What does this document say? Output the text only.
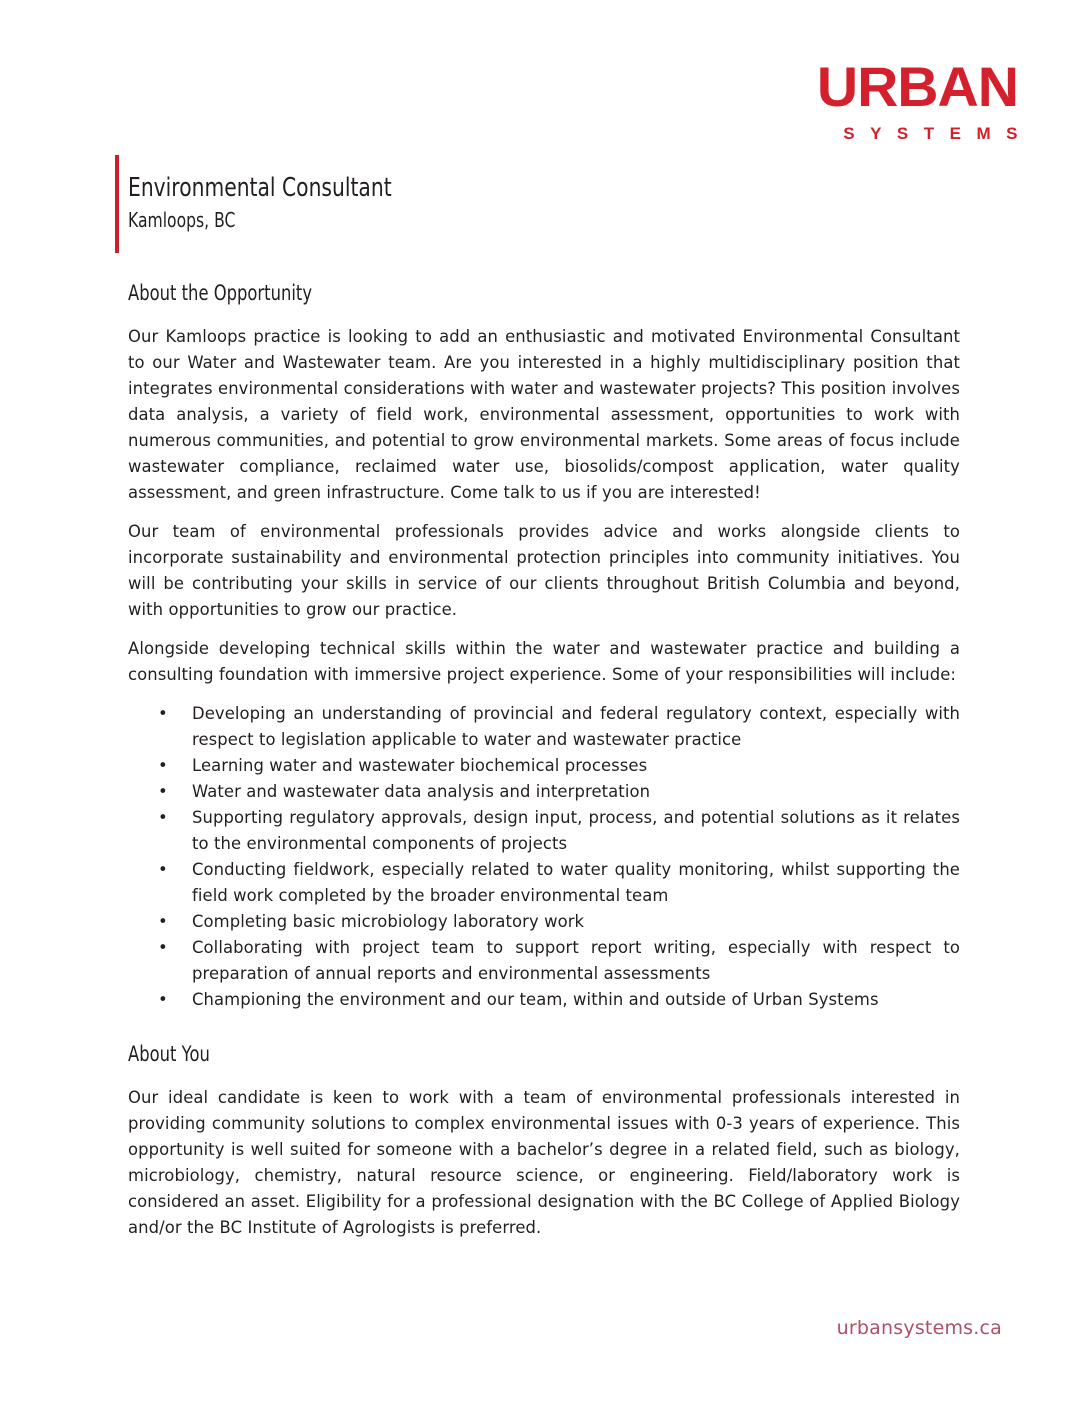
URBAN
SYSTEMS
Environmental Consultant
Kamloops, BC
About the Opportunity

Our Kamloops practice is looking to add an enthusiastic and motivated Environmental Consultant to our Water and Wastewater team. Are you interested in a highly multidisciplinary position that integrates environmental considerations with water and wastewater projects? This position involves data analysis, a variety of field work, environmental assessment, opportunities to work with numerous communities, and potential to grow environmental markets. Some areas of focus include wastewater compliance, reclaimed water use, biosolids/compost application, water quality assessment, and green infrastructure. Come talk to us if you are interested!

Our team of environmental professionals provides advice and works alongside clients to incorporate sustainability and environmental protection principles into community initiatives. You will be contributing your skills in service of our clients throughout British Columbia and beyond, with opportunities to grow our practice.

Alongside developing technical skills within the water and wastewater practice and building a consulting foundation with immersive project experience. Some of your responsibilities will include:

• Developing an understanding of provincial and federal regulatory context, especially with respect to legislation applicable to water and wastewater practice
• Learning water and wastewater biochemical processes
• Water and wastewater data analysis and interpretation
• Supporting regulatory approvals, design input, process, and potential solutions as it relates to the environmental components of projects
• Conducting fieldwork, especially related to water quality monitoring, whilst supporting the field work completed by the broader environmental team
• Completing basic microbiology laboratory work
• Collaborating with project team to support report writing, especially with respect to preparation of annual reports and environmental assessments
• Championing the environment and our team, within and outside of Urban Systems
About You

Our ideal candidate is keen to work with a team of environmental professionals interested in providing community solutions to complex environmental issues with 0-3 years of experience. This opportunity is well suited for someone with a bachelor’s degree in a related field, such as biology, microbiology, chemistry, natural resource science, or engineering. Field/laboratory work is considered an asset. Eligibility for a professional designation with the BC College of Applied Biology and/or the BC Institute of Agrologists is preferred.

urbansystems.ca
